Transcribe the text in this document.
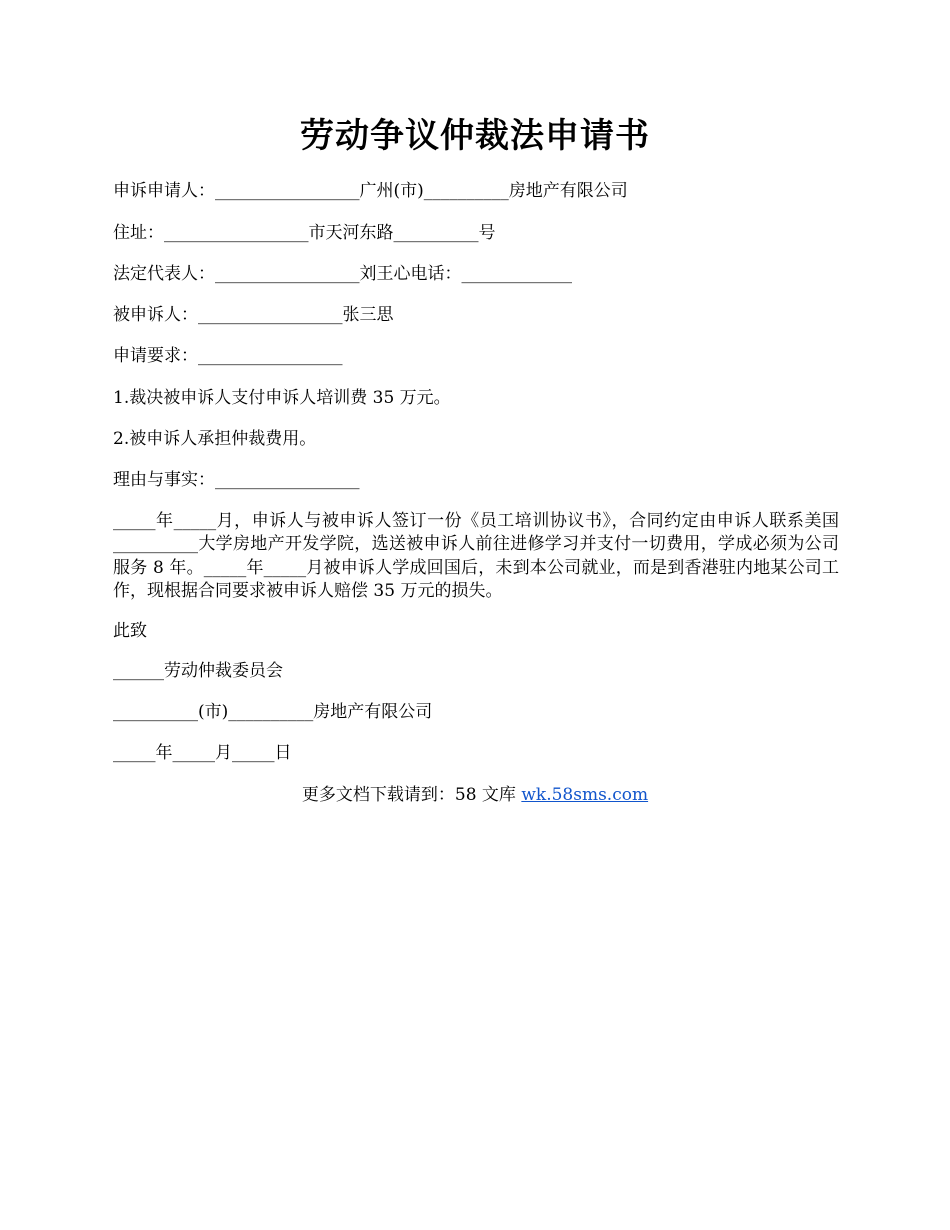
劳动争议仲裁法申请书
申诉申请人：_________________广州(市)__________房地产有限公司
住址：_________________市天河东路__________号
法定代表人：_________________刘王心电话：_____________
被申诉人：_________________张三思
申请要求：_________________
1.裁决被申诉人支付申诉人培训费 35 万元。
2.被申诉人承担仲裁费用。
理由与事实：_________________
_____年_____月，申诉人与被申诉人签订一份《员工培训协议书》，合同约定由申诉人联系美国__________大学房地产开发学院，选送被申诉人前往进修学习并支付一切费用，学成必须为公司服务 8 年。_____年_____月被申诉人学成回国后，未到本公司就业，而是到香港驻内地某公司工作，现根据合同要求被申诉人赔偿 35 万元的损失。
此致
______劳动仲裁委员会
__________(市)__________房地产有限公司
_____年_____月_____日
更多文档下载请到：58 文库 wk.58sms.com
